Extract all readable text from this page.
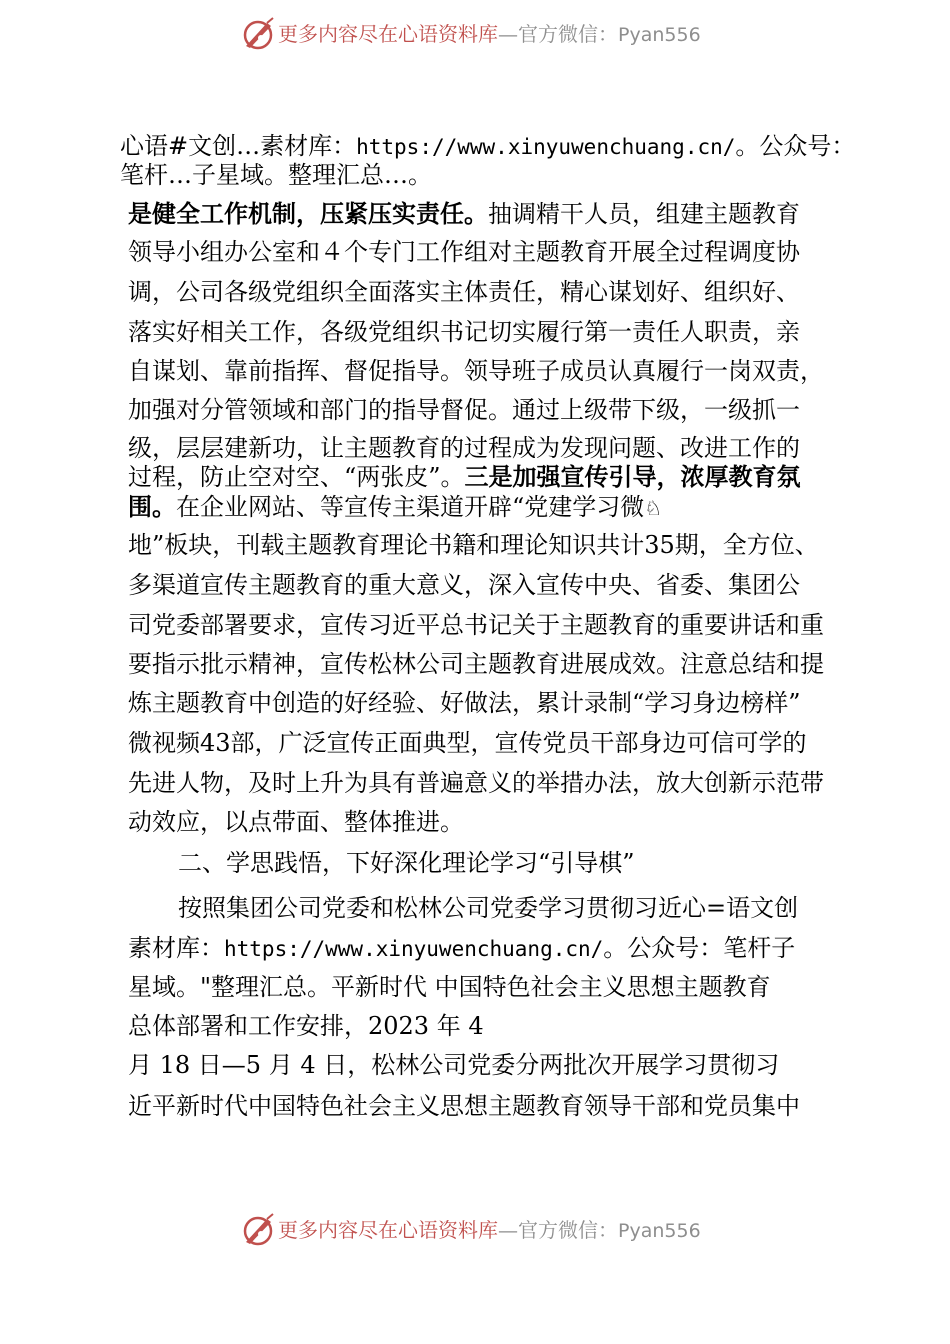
更多内容尽在心语资料库—官方微信：Pyan556
心语#文创…素材库：https://www.xinyuwenchuang.cn/。公众号：
笔杆…子星域。整理汇总…。
是健全工作机制，压紧压实责任。抽调精干人员，组建主题教育
领导小组办公室和４个专门工作组对主题教育开展全过程调度协
调，公司各级党组织全面落实主体责任，精心谋划好、组织好、
落实好相关工作，各级党组织书记切实履行第一责任人职责，亲
自谋划、靠前指挥、督促指导。领导班子成员认真履行一岗双责，
加强对分管领域和部门的指导督促。通过上级带下级，一级抓一
级，层层建新功，让主题教育的过程成为发现问题、改进工作的
过程，防止空对空、“两张皮”。三是加强宣传引导，浓厚教育氛
围。在企业网站、等宣传主渠道开辟“党建学习微♘
地”板块，刊载主题教育理论书籍和理论知识共计35期，全方位、
多渠道宣传主题教育的重大意义，深入宣传中央、省委、集团公
司党委部署要求，宣传习近平总书记关于主题教育的重要讲话和重
要指示批示精神，宣传松林公司主题教育进展成效。注意总结和提
炼主题教育中创造的好经验、好做法，累计录制“学习身边榜样”
微视频43部，广泛宣传正面典型，宣传党员干部身边可信可学的
先进人物，及时上升为具有普遍意义的举措办法，放大创新示范带
动效应，以点带面、整体推进。
二、学思践悟，下好深化理论学习“引导棋”
按照集团公司党委和松林公司党委学习贯彻习近心=语文创
素材库：https://www.xinyuwenchuang.cn/。公众号：笔杆子
星域。"整理汇总。平新时代 中国特色社会主义思想主题教育
总体部署和工作安排，2023 年 4
月 18 日—5 月 4 日，松林公司党委分两批次开展学习贯彻习
近平新时代中国特色社会主义思想主题教育领导干部和党员集中
更多内容尽在心语资料库—官方微信：Pyan556
